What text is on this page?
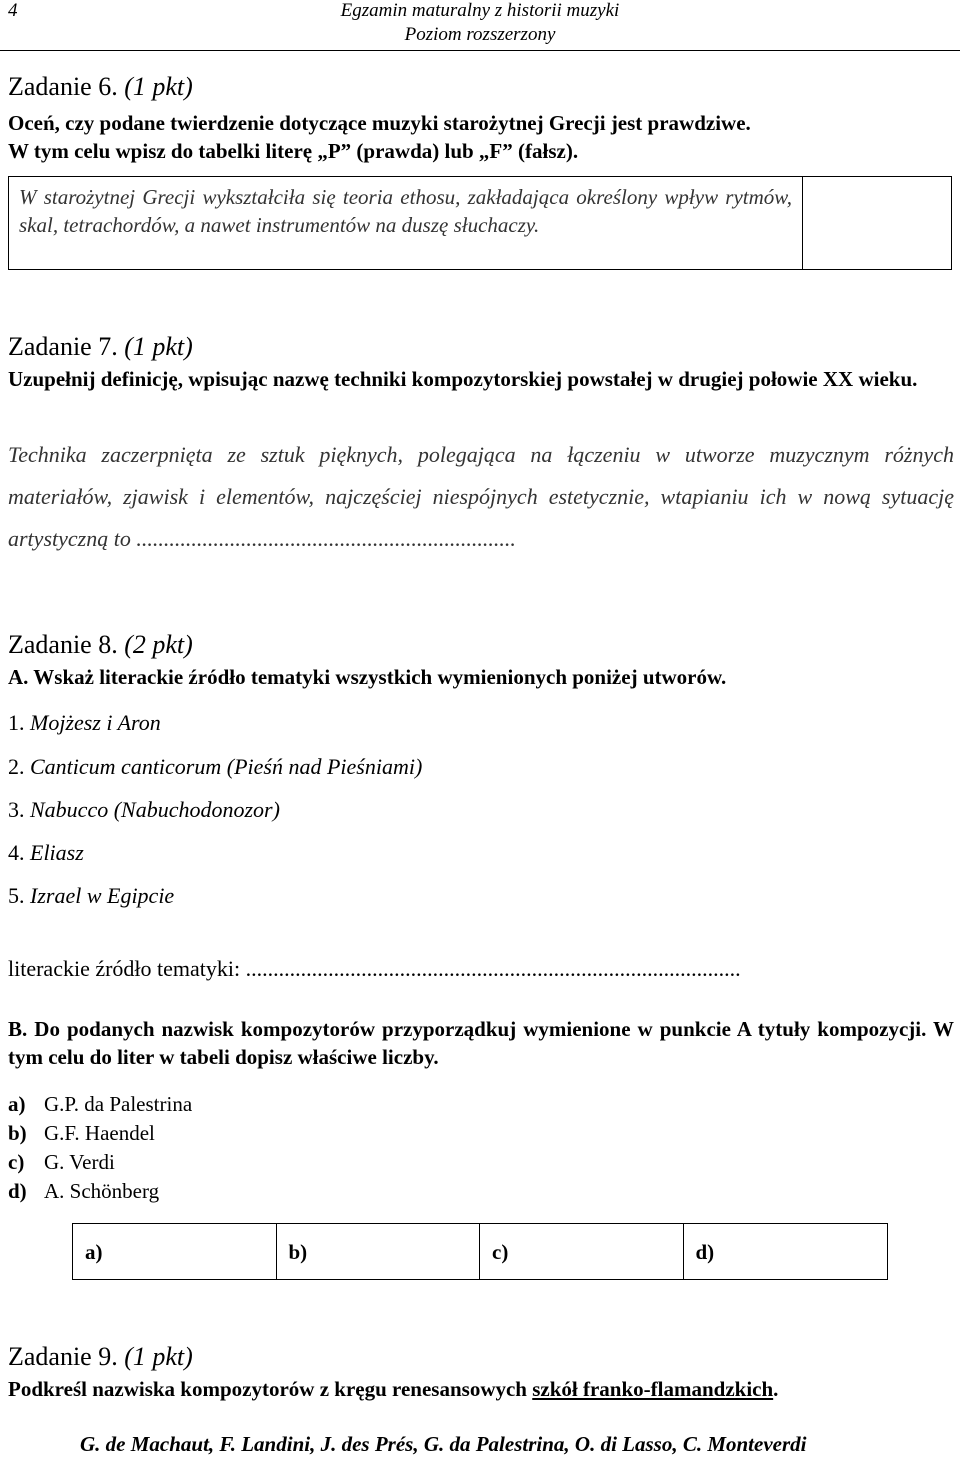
4	Egzamin maturalny z historii muzyki
Poziom rozszerzony
Zadanie 6. (1 pkt)
Oceń, czy podane twierdzenie dotyczące muzyki starożytnej Grecji jest prawdziwe.
W tym celu wpisz do tabelki literę „P” (prawda) lub „F” (fałsz).
W starożytnej Grecji wykształciła się teoria ethosu, zakładająca określony wpływ rytmów, skal, tetrachordów, a nawet instrumentów na duszę słuchaczy.
Zadanie 7. (1 pkt)
Uzupełnij definicję, wpisując nazwę techniki kompozytorskiej powstałej w drugiej połowie XX wieku.
Technika zaczerpnięta ze sztuk pięknych, polegająca na łączeniu w utworze muzycznym różnych materiałów, zjawisk i elementów, najczęściej niespójnych estetycznie, wtapianiu ich w nową sytuację artystyczną to .....................................................................
Zadanie 8. (2 pkt)
A. Wskaż literackie źródło tematyki wszystkich wymienionych poniżej utworów.
1. Mojżesz i Aron
2. Canticum canticorum (Pieśń nad Pieśniami)
3. Nabucco (Nabuchodonozor)
4. Eliasz
5. Izrael w Egipcie
literackie źródło tematyki: ..........................................................................................
B. Do podanych nazwisk kompozytorów przyporządkuj wymienione w punkcie A tytuły kompozycji. W tym celu do liter w tabeli dopisz właściwe liczby.
a) G.P. da Palestrina
b) G.F. Haendel
c) G. Verdi
d) A. Schönberg
a)	b)	c)	d)
Zadanie 9. (1 pkt)
Podkreśl nazwiska kompozytorów z kręgu renesansowych szkół franko-flamandzkich.
G. de Machaut, F. Landini, J. des Prés, G. da Palestrina, O. di Lasso, C. Monteverdi
